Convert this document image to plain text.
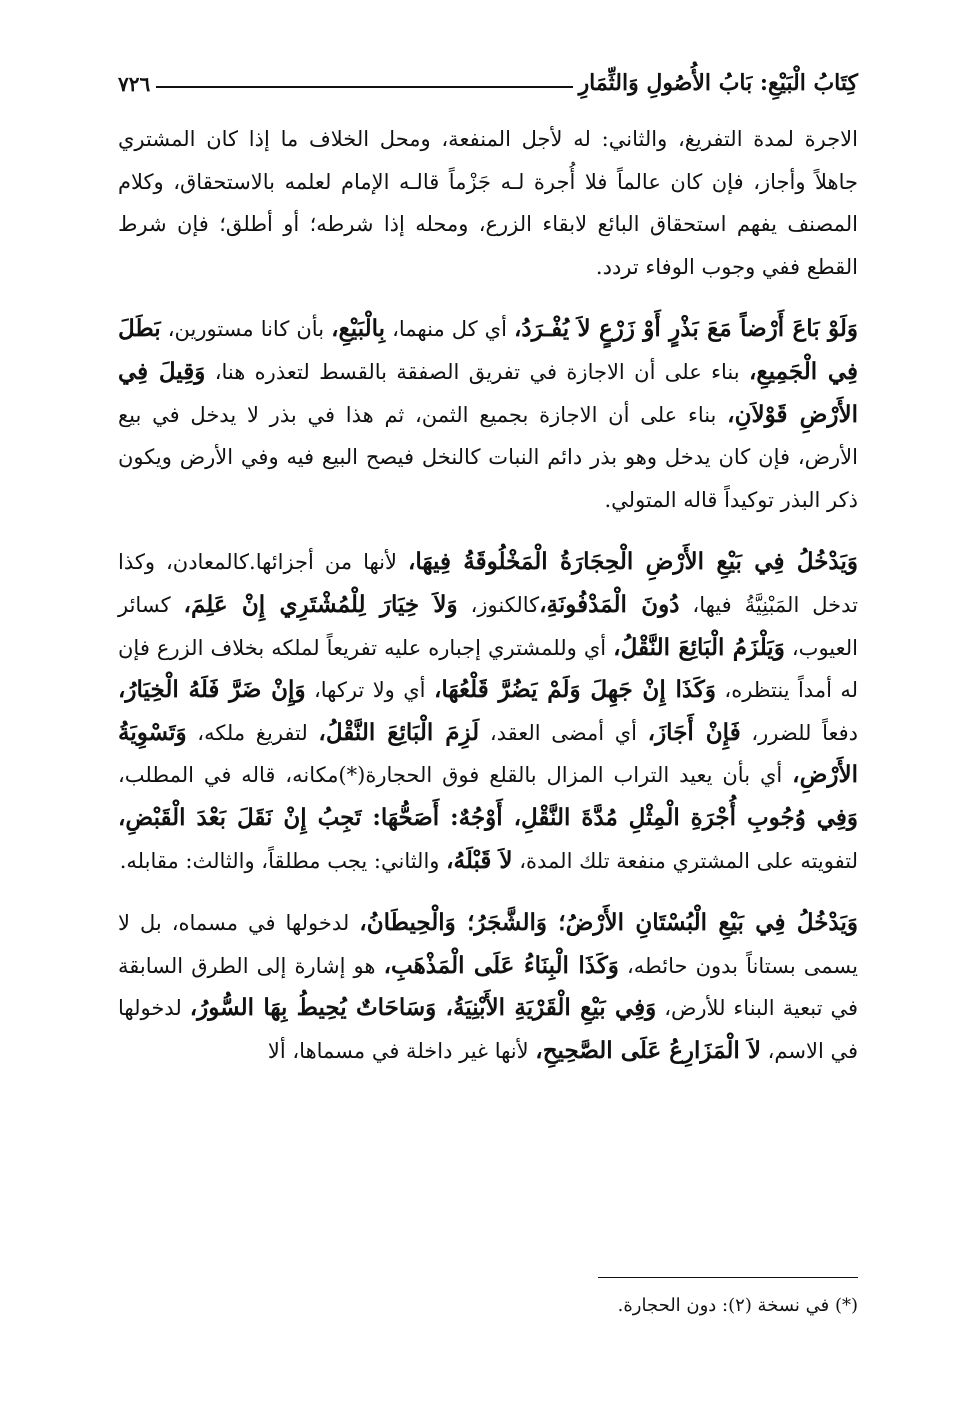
كِتَابُ الْبَيْعِ: بَابُ الأُصُولِ وَالثِّمَارِ
٧٢٦

الاجرة لمدة التفريغ، والثاني: له لأجل المنفعة، ومحل الخلاف ما إذا كان المشتري جاهلاً وأجاز، فإن كان عالماً فلا أُجرة لـه جَزْماً قالـه الإمام لعلمه بالاستحقاق، وكلام المصنف يفهم استحقاق البائع لابقاء الزرع، ومحله إذا شرطه؛ أو أطلق؛ فإن شرط القطع ففي وجوب الوفاء تردد.

وَلَوْ بَاعَ أَرْضاً مَعَ بَذْرٍ أَوْ زَرْعٍ لاَ يُفْـرَدُ، أي كل منهما، بِالْبَيْعِ، بأن كانا مستورين، بَطَلَ فِي الْجَمِيعِ، بناء على أن الاجازة في تفريق الصفقة بالقسط لتعذره هنا، وَقِيلَ فِي الأَرْضِ قَوْلاَنِ، بناء على أن الاجازة بجميع الثمن، ثم هذا في بذر لا يدخل في بيع الأرض، فإن كان يدخل وهو بذر دائم النبات كالنخل فيصح البيع فيه وفي الأرض ويكون ذكر البذر توكيداً قاله المتولي.

وَيَدْخُلُ فِي بَيْعِ الأَرْضِ الْحِجَارَةُ الْمَخْلُوقَةُ فِيهَا، لأنها من أجزائها.كالمعادن، وكذا تدخل المَبْنِيَّةُ فيها، دُونَ الْمَدْفُونَةِ،كالكنوز، وَلاَ خِيَارَ لِلْمُشْتَرِي إِنْ عَلِمَ، كسائر العيوب، وَيَلْزَمُ الْبَائِعَ النَّقْلُ، أي وللمشتري إجباره عليه تفريعاً لملكه بخلاف الزرع فإن له أمداً ينتظره، وَكَذَا إِنْ جَهِلَ وَلَمْ يَضُرَّ قَلْعُهَا، أي ولا تركها، وَإِنْ ضَرَّ فَلَهُ الْخِيَارُ، دفعاً للضرر، فَإِنْ أَجَازَ، أي أمضى العقد، لَزِمَ الْبَائِعَ النَّقْلُ، لتفريغ ملكه، وَتَسْوِيَةُ الأَرْضِ، أي بأن يعيد التراب المزال بالقلع فوق الحجارة(*)مكانه، قاله في المطلب، وَفِي وُجُوبِ أُجْرَةِ الْمِثْلِ مُدَّةَ النَّقْلِ، أَوْجُهٌ: أَصَحُّهَا: تَجِبُ إِنْ نَقَلَ بَعْدَ الْقَبْضِ، لتفويته على المشتري منفعة تلك المدة، لاَ قَبْلَهُ، والثاني: يجب مطلقاً، والثالث: مقابله.

وَيَدْخُلُ فِي بَيْعِ الْبُسْتَانِ الأَرْضُ؛ وَالشَّجَرُ؛ وَالْحِيطَانُ، لدخولها في مسماه، بل لا يسمى بستاناً بدون حائطه، وَكَذَا الْبِنَاءُ عَلَى الْمَذْهَبِ، هو إشارة إلى الطرق السابقة في تبعية البناء للأرض، وَفِي بَيْعِ الْقَرْيَةِ الأَبْنِيَةُ، وَسَاحَاتٌ يُحِيطُ بِهَا السُّورُ، لدخولها في الاسم، لاَ الْمَزَارِعُ عَلَى الصَّحِيحِ، لأنها غير داخلة في مسماها، ألا

(*) في نسخة (٢): دون الحجارة.
